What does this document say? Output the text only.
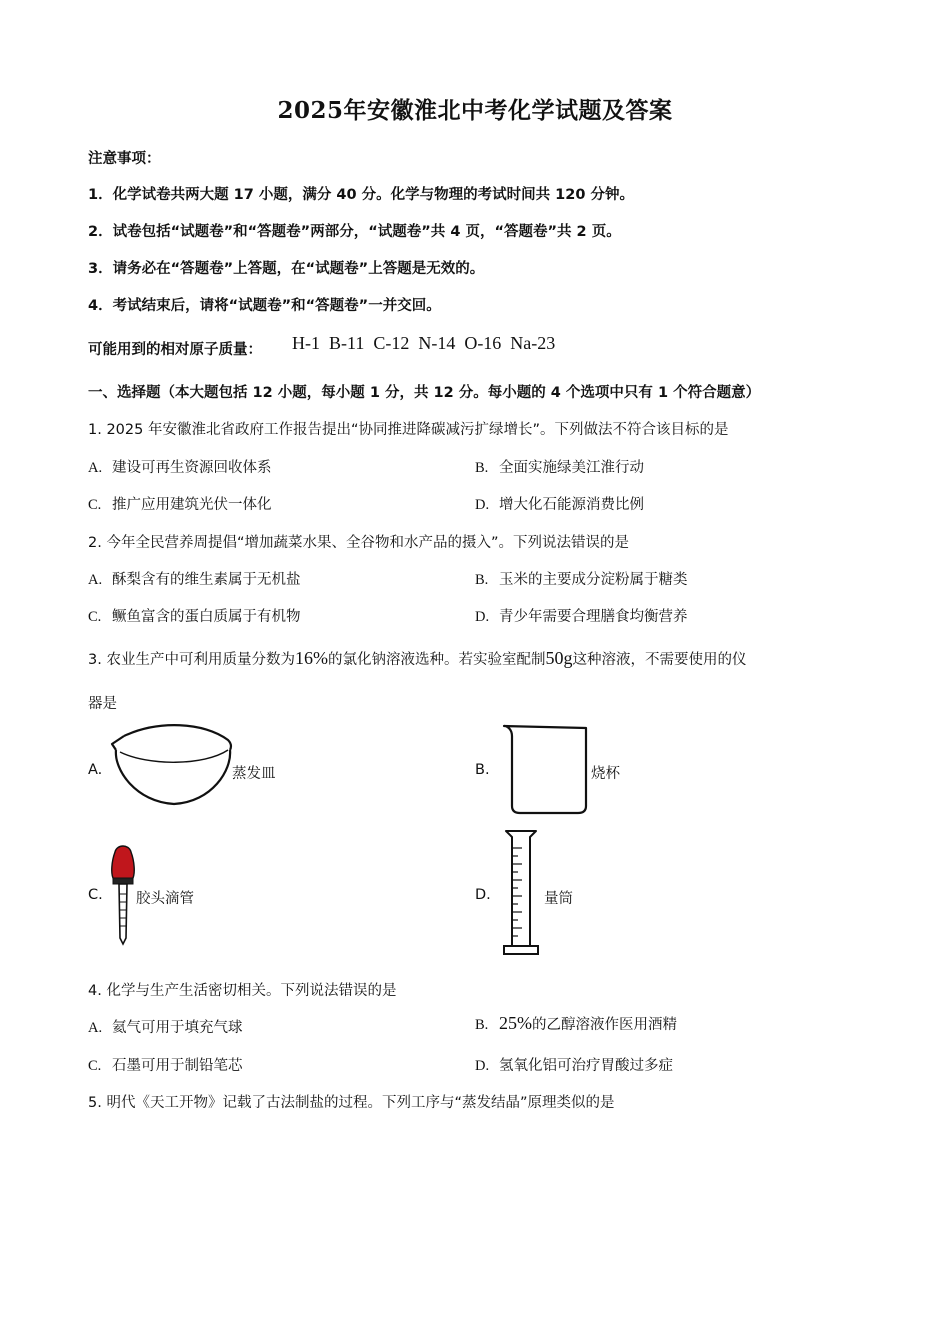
2025年安徽淮北中考化学试题及答案
注意事项：
1．化学试卷共两大题 17 小题，满分 40 分。化学与物理的考试时间共 120 分钟。
2．试卷包括“试题卷”和“答题卷”两部分，“试题卷”共 4 页，“答题卷”共 2 页。
3．请务必在“答题卷”上答题，在“试题卷”上答题是无效的。
4．考试结束后，请将“试题卷”和“答题卷”一并交回。
可能用到的相对原子质量： H-1  B-11  C-12  N-14  O-16  Na-23
一、选择题（本大题包括 12 小题，每小题 1 分，共 12 分。每小题的 4 个选项中只有 1 个符合题意）
1. 2025 年安徽淮北省政府工作报告提出“协同推进降碳减污扩绿增长”。下列做法不符合该目标的是
A. 建设可再生资源回收体系	B. 全面实施绿美江淮行动
C. 推广应用建筑光伏一体化	D. 增大化石能源消费比例
2. 今年全民营养周提倡“增加蔬菜水果、全谷物和水产品的摄入”。下列说法错误的是
A. 酥梨含有的维生素属于无机盐	B. 玉米的主要成分淀粉属于糖类
C. 鳜鱼富含的蛋白质属于有机物	D. 青少年需要合理膳食均衡营养
3. 农业生产中可利用质量分数为16%的氯化钠溶液选种。若实验室配制50g这种溶液，不需要使用的仪
器是
A.	蒸发皿	B.	烧杯
C. 胶头滴管	D.	量筒
4. 化学与生产生活密切相关。下列说法错误的是
A. 氦气可用于填充气球	B. 25%的乙醇溶液作医用酒精
C. 石墨可用于制铅笔芯	D. 氢氧化铝可治疗胃酸过多症
5. 明代《天工开物》记载了古法制盐的过程。下列工序与“蒸发结晶”原理类似的是
